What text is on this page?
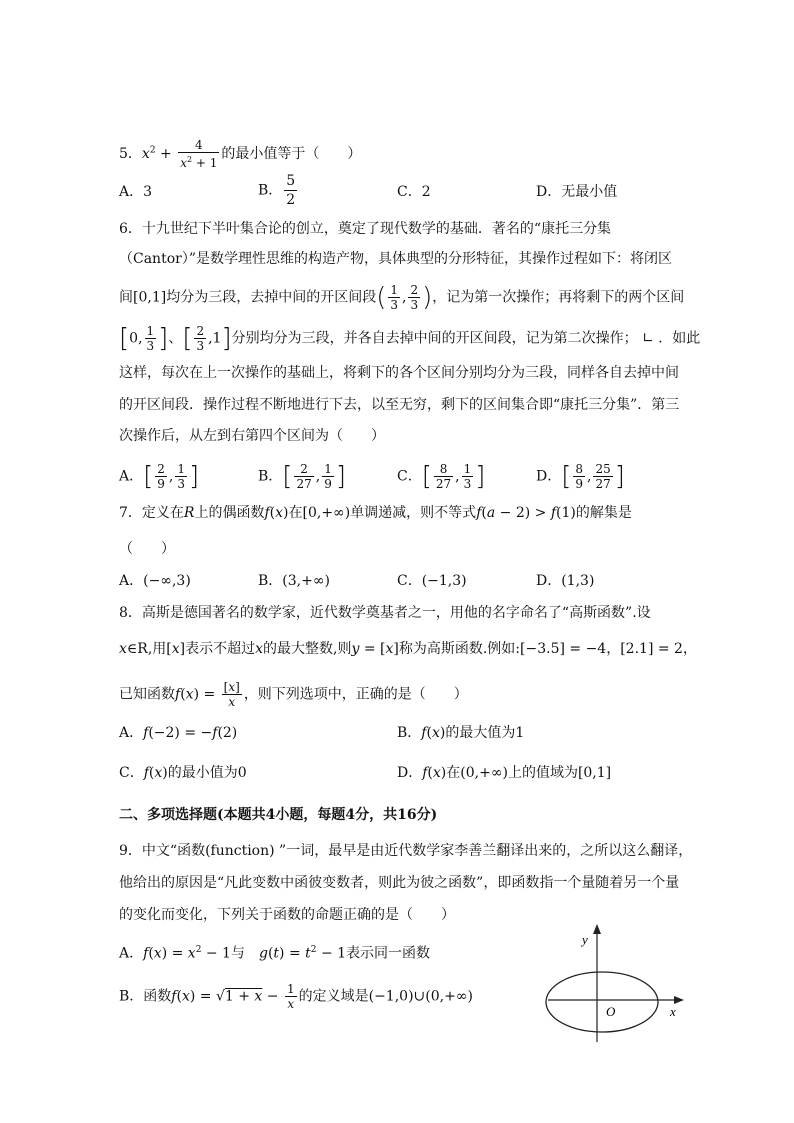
5．$x^2 + \frac{4}{x^2 + 1}$ 的最小值等于（　　）
A．3	B． $\frac{5}{2}$	C．2	D．无最小值
6．十九世纪下半叶集合论的创立，奠定了现代数学的基础．著名的“康托三分集
（Cantor）”是数学理性思维的构造产物，具体典型的分形特征，其操作过程如下：将闭区
间[0,1]均分为三段，去掉中间的开区间段( $\frac{1}{3}$ , $\frac{2}{3}$ )，记为第一次操作；再将剩下的两个区间
[0, $\frac{1}{3}$ ]、[ $\frac{2}{3} ,1$]分别均分为三段，并各自去掉中间的开区间段，记为第二次操作； ∟ ．如此
这样，每次在上一次操作的基础上，将剩下的各个区间分别均分为三段，同样各自去掉中间
的开区间段．操作过程不断地进行下去，以至无穷，剩下的区间集合即“康托三分集”．第三
次操作后，从左到右第四个区间为（　　）
A．[ $\frac{2}{9}$ , $\frac{1}{3}$ ]	B．[ $\frac{2}{27}$ , $\frac{1}{9}$ ]	C．[ $\frac{8}{27}$ , $\frac{1}{3}$ ]	D．[ $\frac{8}{9}$ , $\frac{25}{27}$ ]
7．定义在R上的偶函数f(x)在[0,+∞)单调递减，则不等式f(a − 2) > f(1)的解集是
（　　）
A．(−∞,3)	B．(3,+∞)	C．(−1,3)	D．(1,3)
8．高斯是德国著名的数学家，近代数学奠基者之一，用他的名字命名了“高斯函数”.设
x∈R,用[x]表示不超过x的最大整数,则y = [x]称为高斯函数.例如:[−3.5] = −4，[2.1] = 2，
已知函数$f(x) = \frac{[x]}{x}$ ，则下列选项中，正确的是（　　）
A．f(−2) = −f(2)	B．f(x)的最大值为1
C．f(x)的最小值为0	D．f(x)在(0,+∞)上的值域为[0,1]
二、多项选择题(本题共4小题，每题4分，共16分)
9．中文“函数(function) ”一词，最早是由近代数学家李善兰翻译出来的，之所以这么翻译，
他给出的原因是“凡此变数中函彼变数者，则此为彼之函数”，即函数指一个量随着另一个量
的变化而变化，下列关于函数的命题正确的是（　　）
A．$f(x) = x^2 - 1$与　 $g(t) = t^2 - 1$表示同一函数
B．函数$f(x) = √1 + x - \frac{1}{x}$ 的定义域是(−1,0)∪(0,+∞)
y
x
O
